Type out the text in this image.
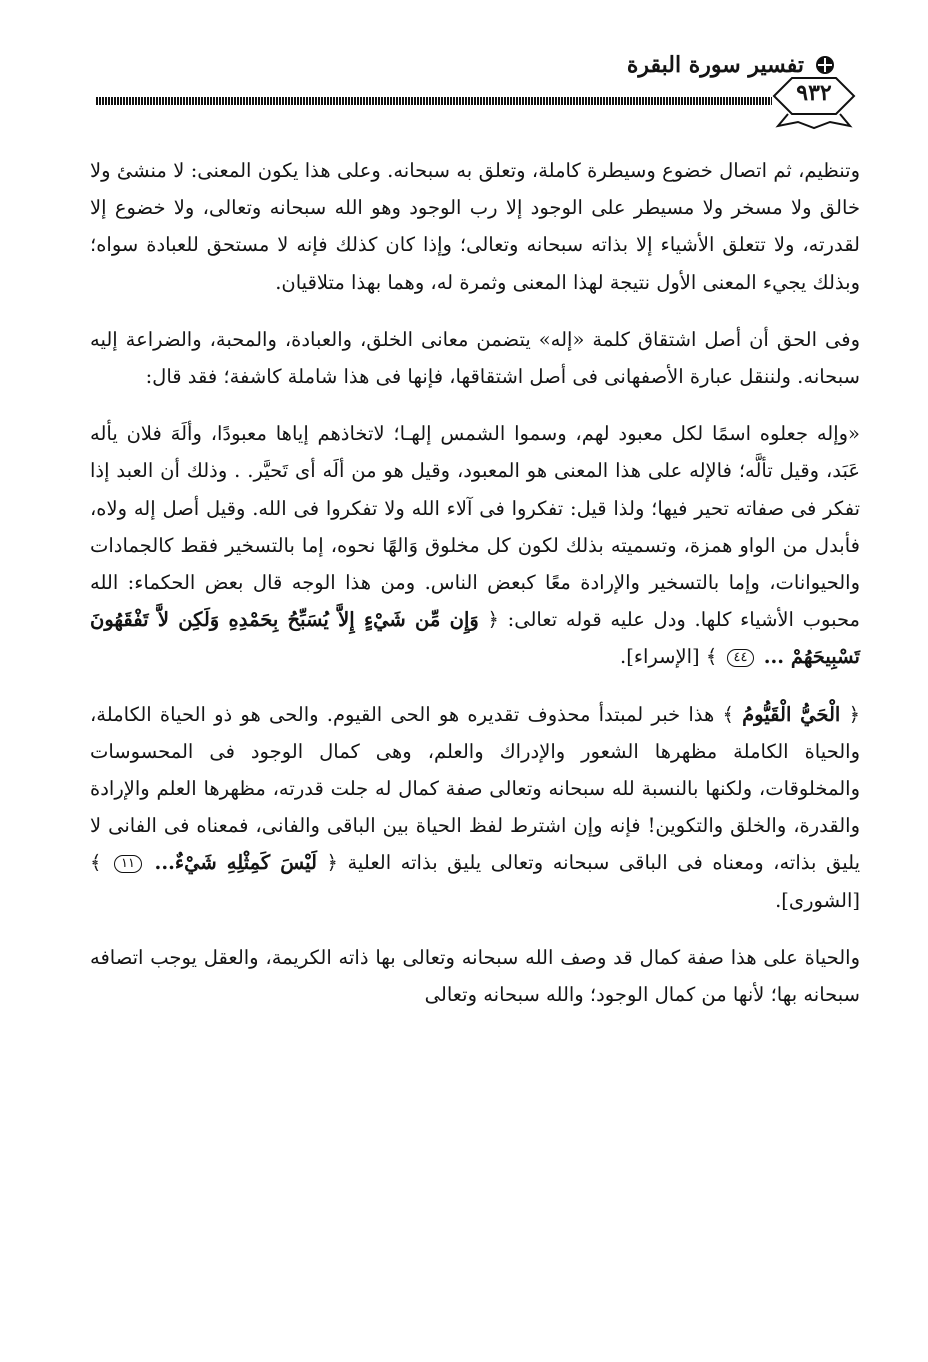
تفسير سورة البقرة
٩٣٢

وتنظيم، ثم اتصال خضوع وسيطرة كاملة، وتعلق به سبحانه. وعلى هذا يكون المعنى: لا منشئ ولا خالق ولا مسخر ولا مسيطر على الوجود إلا رب الوجود وهو الله سبحانه وتعالى، ولا خضوع إلا لقدرته، ولا تتعلق الأشياء إلا بذاته سبحانه وتعالى؛ وإذا كان كذلك فإنه لا مستحق للعبادة سواه؛ وبذلك يجيء المعنى الأول نتيجة لهذا المعنى وثمرة له، وهما بهذا متلاقيان.

وفى الحق أن أصل اشتقاق كلمة «إله» يتضمن معانى الخلق، والعبادة، والمحبة، والضراعة إليه سبحانه. ولننقل عبارة الأصفهانى فى أصل اشتقاقها، فإنها فى هذا شاملة كاشفة؛ فقد قال:

«وإله جعلوه اسمًا لكل معبود لهم، وسموا الشمس إلهـا؛ لاتخاذهم إياها معبودًا، وألَهَ فلان يأله عَبَد، وقيل تألَّه؛ فالإله على هذا المعنى هو المعبود، وقيل هو من ألَه أى تَحيَّر. . وذلك أن العبد إذا تفكر فى صفاته تحير فيها؛ ولذا قيل: تفكروا فى آلاء الله ولا تفكروا فى الله. وقيل أصل إله ولاه، فأبدل من الواو همزة، وتسميته بذلك لكون كل مخلوق وَالهًا نحوه، إما بالتسخير فقط كالجمادات والحيوانات، وإما بالتسخير والإرادة معًا كبعض الناس. ومن هذا الوجه قال بعض الحكماء: الله محبوب الأشياء كلها. ودل عليه قوله تعالى: ﴿ وَإِن مِّن شَيْءٍ إِلاَّ يُسَبِّحُ بِحَمْدِهِ وَلَكِن لاَّ تَفْقَهُونَ تَسْبِيحَهُمْ ... ٤٤ ﴾ [الإسراء].

﴿ الْحَيُّ الْقَيُّومُ ﴾ هذا خبر لمبتدأ محذوف تقديره هو الحى القيوم. والحى هو ذو الحياة الكاملة، والحياة الكاملة مظهرها الشعور والإدراك والعلم، وهى كمال الوجود فى المحسوسات والمخلوقات، ولكنها بالنسبة لله سبحانه وتعالى صفة كمال له جلت قدرته، مظهرها العلم والإرادة والقدرة، والخلق والتكوين! فإنه وإن اشترط لفظ الحياة بين الباقى والفانى، فمعناه فى الفانى لا يليق بذاته، ومعناه فى الباقى سبحانه وتعالى يليق بذاته العلية ﴿ لَيْسَ كَمِثْلِهِ شَيْءٌ... ١١ ﴾ [الشورى].

والحياة على هذا صفة كمال قد وصف الله سبحانه وتعالى بها ذاته الكريمة، والعقل يوجب اتصافه سبحانه بها؛ لأنها من كمال الوجود؛ والله سبحانه وتعالى
